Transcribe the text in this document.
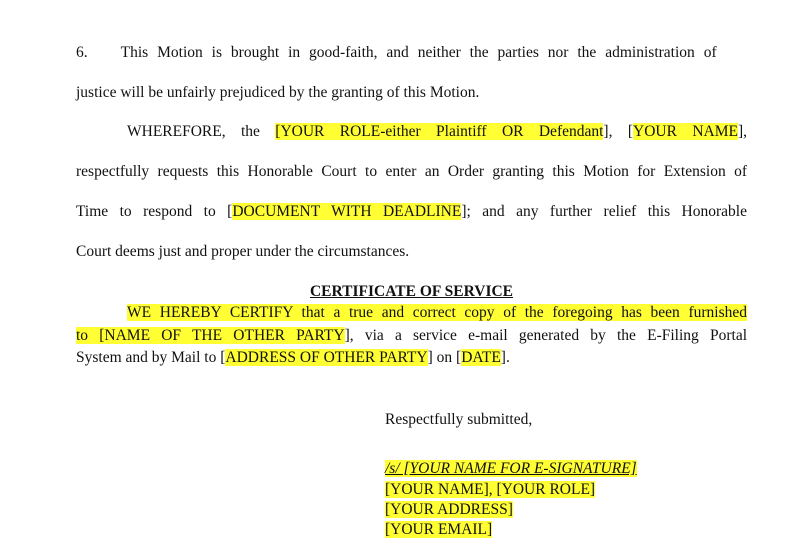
6. This Motion is brought in good-faith, and neither the parties nor the administration of
justice will be unfairly prejudiced by the granting of this Motion.
WHEREFORE, the [YOUR ROLE-either Plaintiff OR Defendant], [YOUR NAME],
respectfully requests this Honorable Court to enter an Order granting this Motion for Extension of
Time to respond to [DOCUMENT WITH DEADLINE]; and any further relief this Honorable
Court deems just and proper under the circumstances.
CERTIFICATE OF SERVICE
WE HEREBY CERTIFY that a true and correct copy of the foregoing has been furnished
to [NAME OF THE OTHER PARTY], via a service e-mail generated by the E-Filing Portal
System and by Mail to [ADDRESS OF OTHER PARTY] on [DATE].
Respectfully submitted,
/s/ [YOUR NAME FOR E-SIGNATURE]
[YOUR NAME], [YOUR ROLE]
[YOUR ADDRESS]
[YOUR EMAIL]
